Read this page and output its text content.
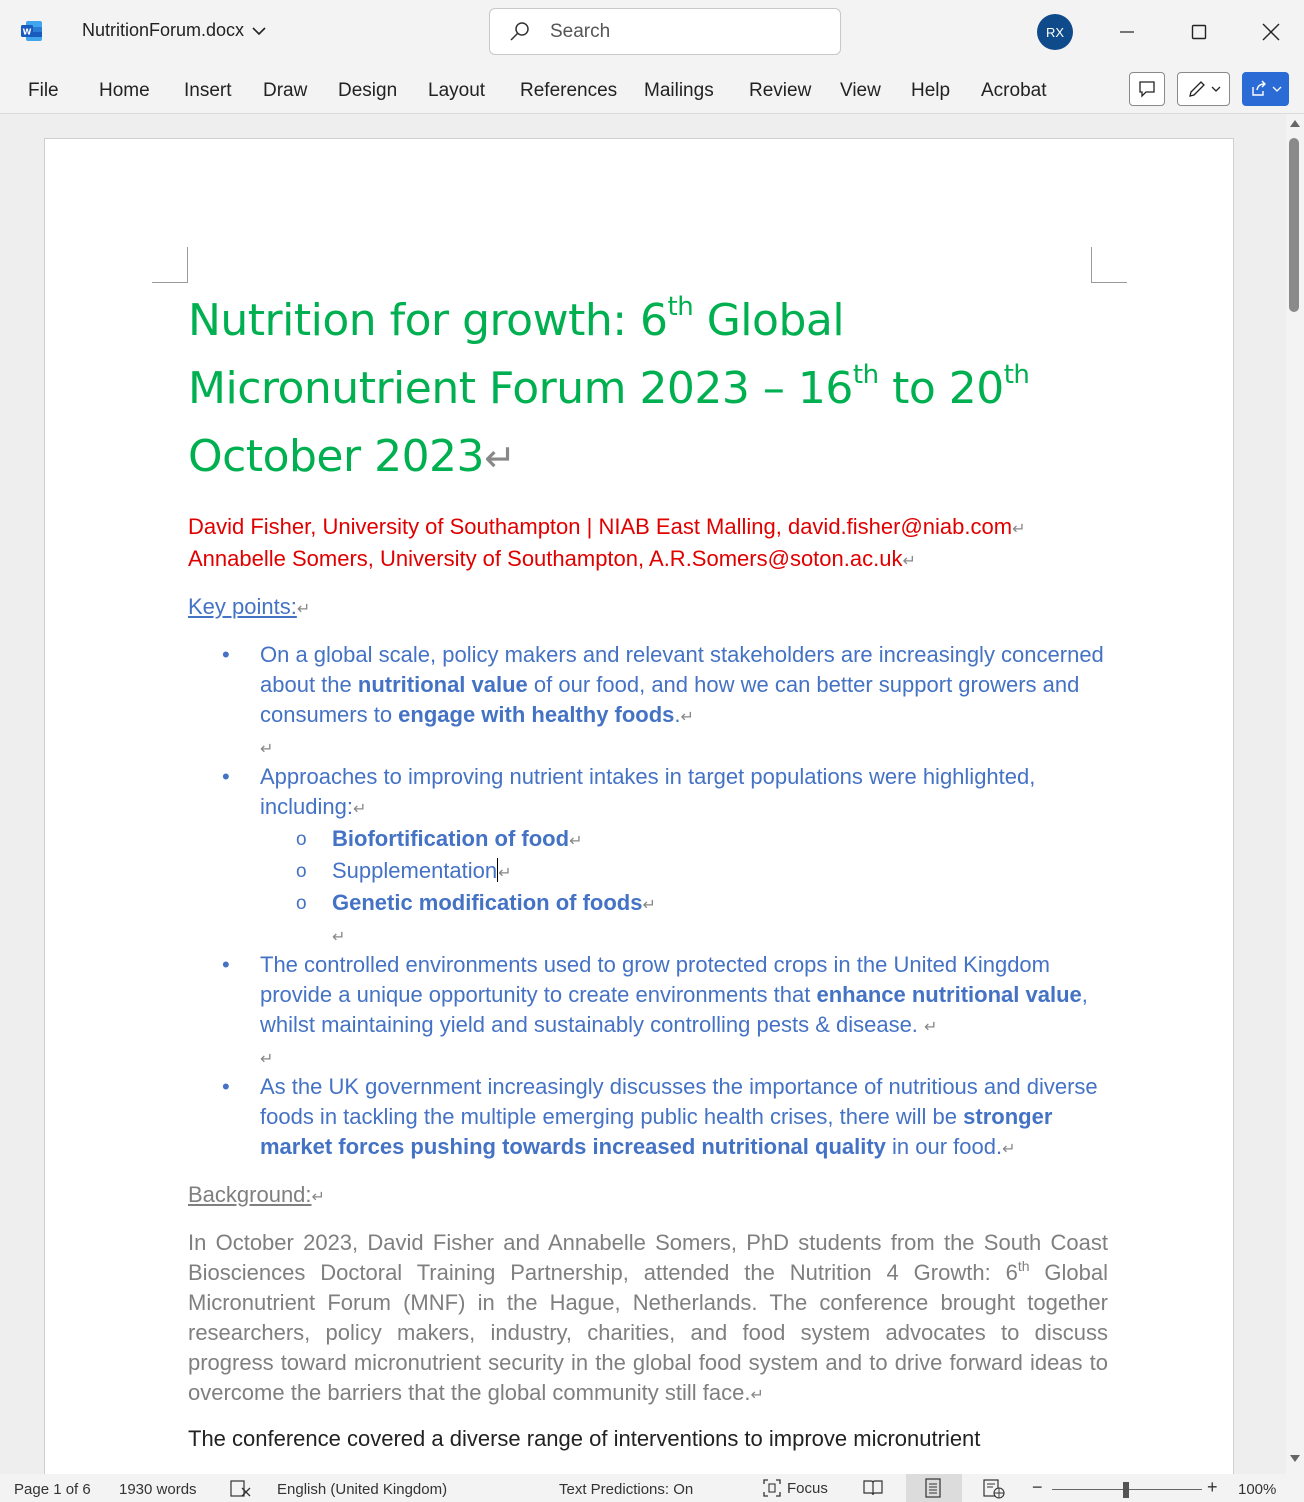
W	NutritionForum.docx
Search	RX
File Home Insert Draw Design Layout References Mailings Review View Help Acrobat
Nutrition for growth: 6th Global
Micronutrient Forum 2023 – 16th to 20th
October 2023↵
David Fisher, University of Southampton | NIAB East Malling, david.fisher@niab.com↵
Annabelle Somers, University of Southampton, A.R.Somers@soton.ac.uk↵
Key points:↵
• On a global scale, policy makers and relevant stakeholders are increasingly concerned about the nutritional value of our food, and how we can better support growers and consumers to engage with healthy foods.↵
↵
• Approaches to improving nutrient intakes in target populations were highlighted, including:↵
o Biofortification of food↵
o Supplementation↵
o Genetic modification of foods↵
↵
• The controlled environments used to grow protected crops in the United Kingdom provide a unique opportunity to create environments that enhance nutritional value, whilst maintaining yield and sustainably controlling pests & disease. ↵
↵
• As the UK government increasingly discusses the importance of nutritious and diverse foods in tackling the multiple emerging public health crises, there will be stronger market forces pushing towards increased nutritional quality in our food.↵
Background:↵

In October 2023, David Fisher and Annabelle Somers, PhD students from the South Coast Biosciences Doctoral Training Partnership, attended the Nutrition 4 Growth: 6th Global Micronutrient Forum (MNF) in the Hague, Netherlands. The conference brought together researchers, policy makers, industry, charities, and food system advocates to discuss progress toward micronutrient security in the global food system and to drive forward ideas to overcome the barriers that the global community still face.↵

The conference covered a diverse range of interventions to improve micronutrient

Page 1 of 6 1930 words	English (United Kingdom)	Text Predictions: On	Focus	−	+ 100%
